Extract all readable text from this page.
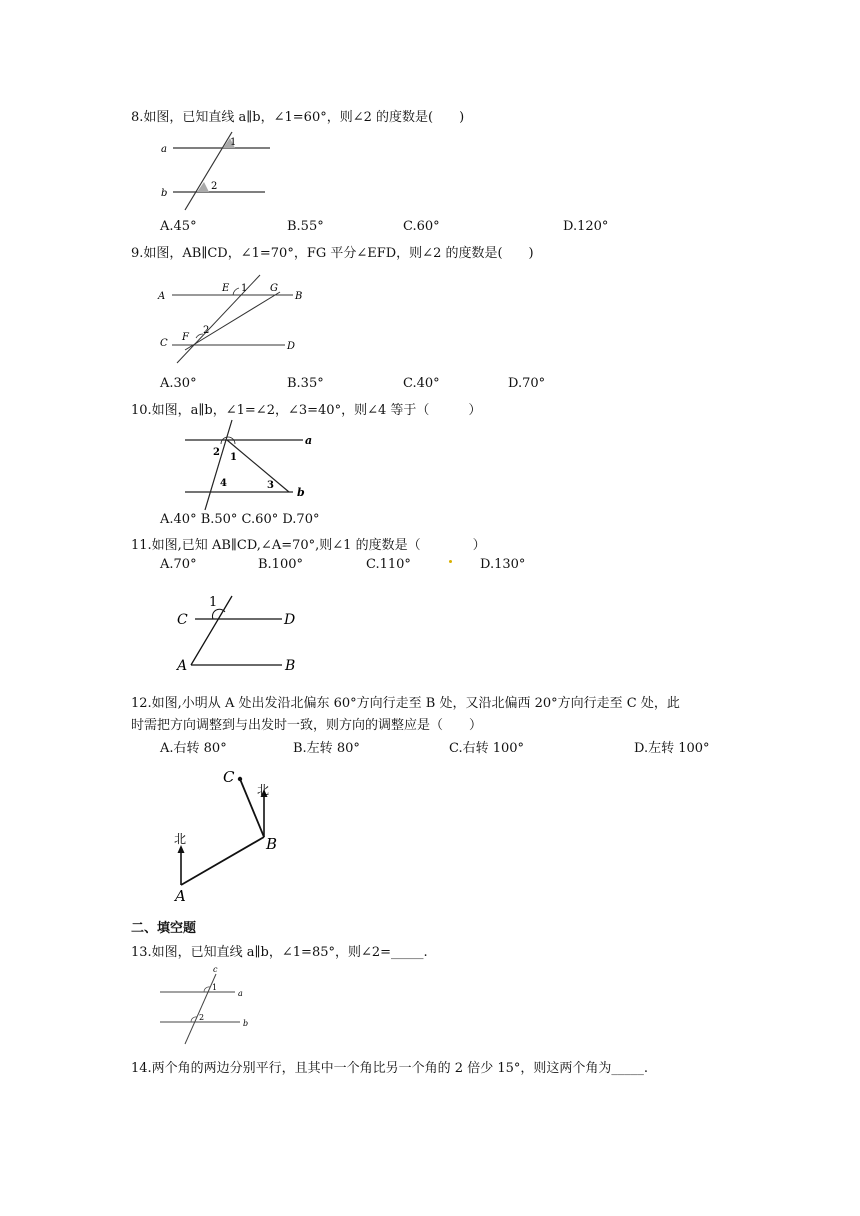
8.如图，已知直线 a∥b，∠1=60°，则∠2 的度数是(　　)
a
b
1
2
A.45°	B.55°	C.60°	D.120°
9.如图，AB∥CD，∠1=70°，FG 平分∠EFD，则∠2 的度数是(　　)
A
E 1 G
B
C
F
2
D
A.30°	B.35°	C.40°	D.70°
10.如图，a∥b，∠1=∠2，∠3=40°，则∠4 等于（　　　）
a
b
1
2
3
4
A.40° B.50° C.60° D.70°
11.如图,已知 AB∥CD,∠A=70°,则∠1 的度数是（　　　　）
A.70°	B.100°	C.110°	D.130°
1
C	D
A	B
12.如图,小明从 A 处出发沿北偏东 60°方向行走至 B 处，又沿北偏西 20°方向行走至 C 处，此
时需把方向调整到与出发时一致，则方向的调整应是（　　）
A.右转 80°	B.左转 80°	C.右转 100°	D.左转 100°
C
北
B
北
A
二、填空题
13.如图，已知直线 a∥b，∠1=85°，则∠2=_____.
c
1
a
2
b
14.两个角的两边分别平行，且其中一个角比另一个角的 2 倍少 15°，则这两个角为_____.
